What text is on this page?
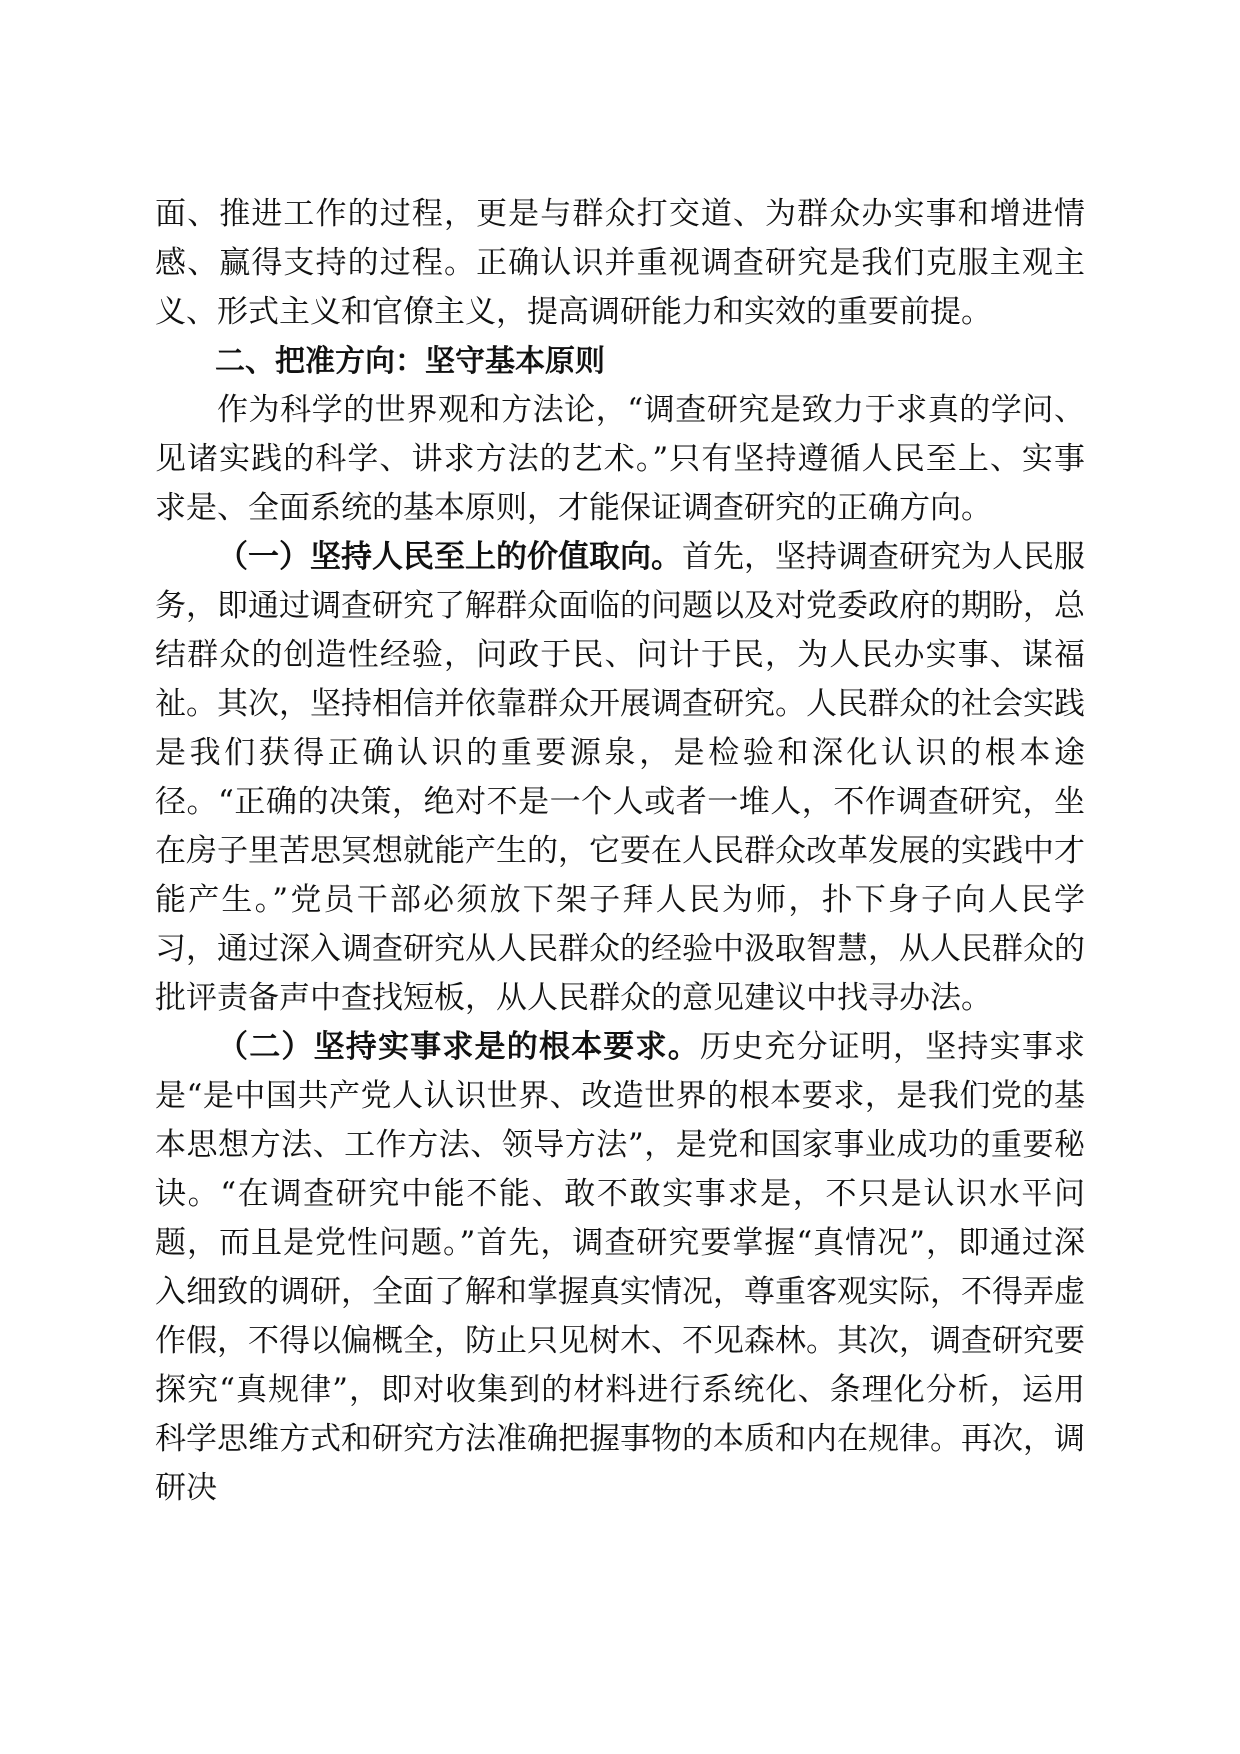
面、推进工作的过程，更是与群众打交道、为群众办实事和增进情感、赢得支持的过程。正确认识并重视调查研究是我们克服主观主义、形式主义和官僚主义，提高调研能力和实效的重要前提。

二、把准方向：坚守基本原则

作为科学的世界观和方法论，“调查研究是致力于求真的学问、见诸实践的科学、讲求方法的艺术。”只有坚持遵循人民至上、实事求是、全面系统的基本原则，才能保证调查研究的正确方向。

（一）坚持人民至上的价值取向。首先，坚持调查研究为人民服务，即通过调查研究了解群众面临的问题以及对党委政府的期盼，总结群众的创造性经验，问政于民、问计于民，为人民办实事、谋福祉。其次，坚持相信并依靠群众开展调查研究。人民群众的社会实践是我们获得正确认识的重要源泉，是检验和深化认识的根本途径。“正确的决策，绝对不是一个人或者一堆人，不作调查研究，坐在房子里苦思冥想就能产生的，它要在人民群众改革发展的实践中才能产生。”党员干部必须放下架子拜人民为师，扑下身子向人民学习，通过深入调查研究从人民群众的经验中汲取智慧，从人民群众的批评责备声中查找短板，从人民群众的意见建议中找寻办法。

（二）坚持实事求是的根本要求。历史充分证明，坚持实事求是“是中国共产党人认识世界、改造世界的根本要求，是我们党的基本思想方法、工作方法、领导方法”，是党和国家事业成功的重要秘诀。“在调查研究中能不能、敢不敢实事求是，不只是认识水平问题，而且是党性问题。”首先，调查研究要掌握“真情况”，即通过深入细致的调研，全面了解和掌握真实情况，尊重客观实际，不得弄虚作假，不得以偏概全，防止只见树木、不见森林。其次，调查研究要探究“真规律”，即对收集到的材料进行系统化、条理化分析，运用科学思维方式和研究方法准确把握事物的本质和内在规律。再次，调研决
